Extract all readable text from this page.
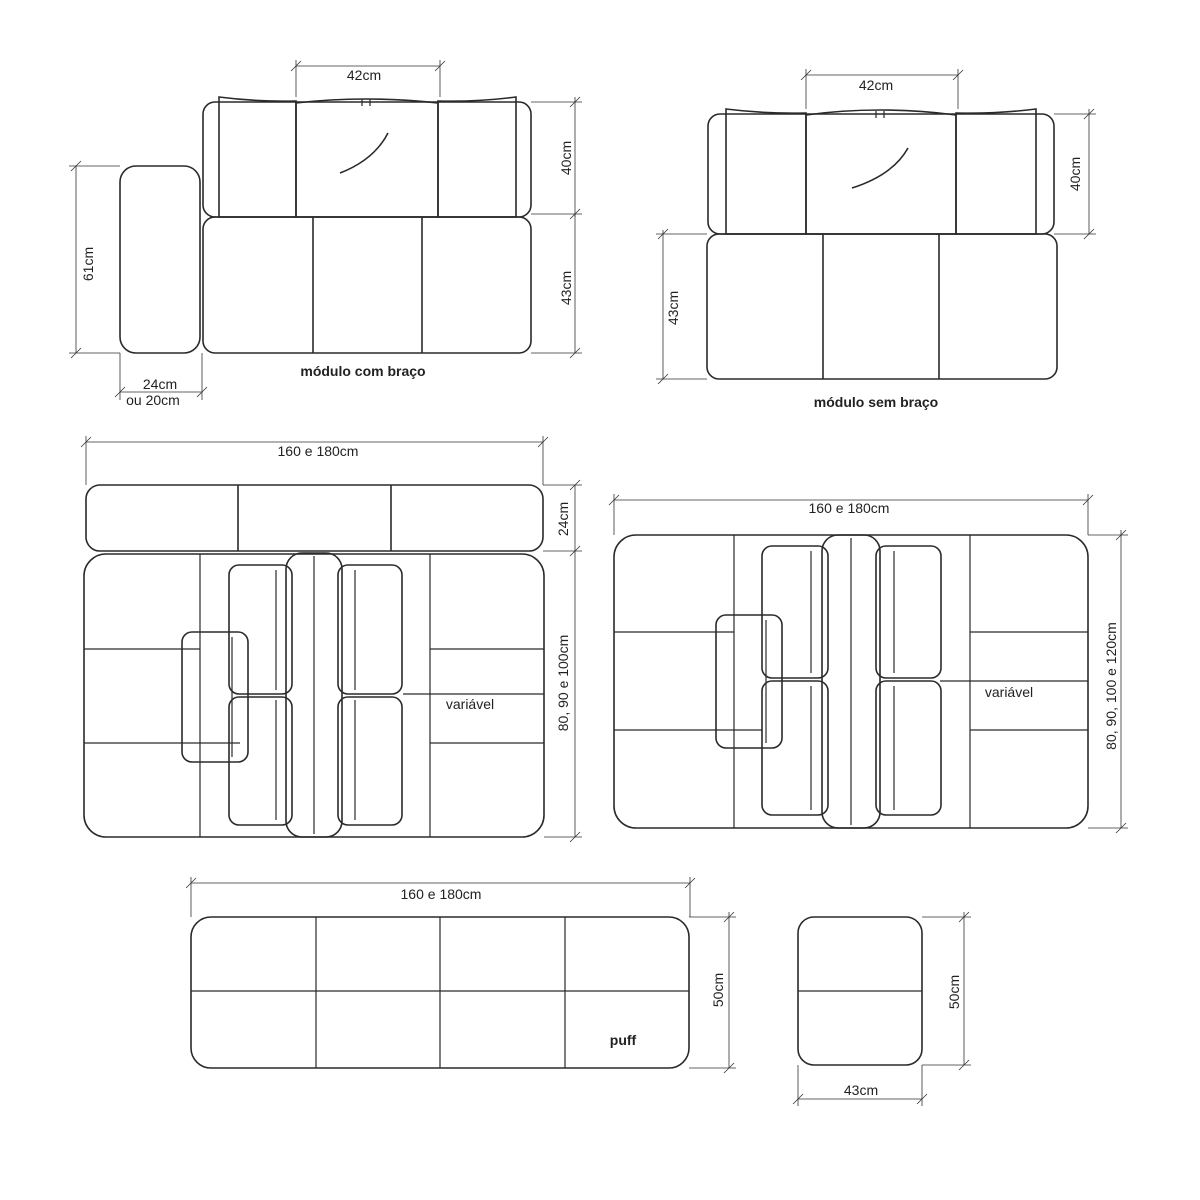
42cm
40cm
43cm
61cm
24cm
ou 20cm
módulo com braço
42cm
40cm
43cm
módulo sem braço
variável
160 e 180cm
24cm
80, 90 e 100cm	variável
160 e 180cm
80, 90, 100 e 120cm
puff
160 e 180cm
50cm	50cm
43cm
